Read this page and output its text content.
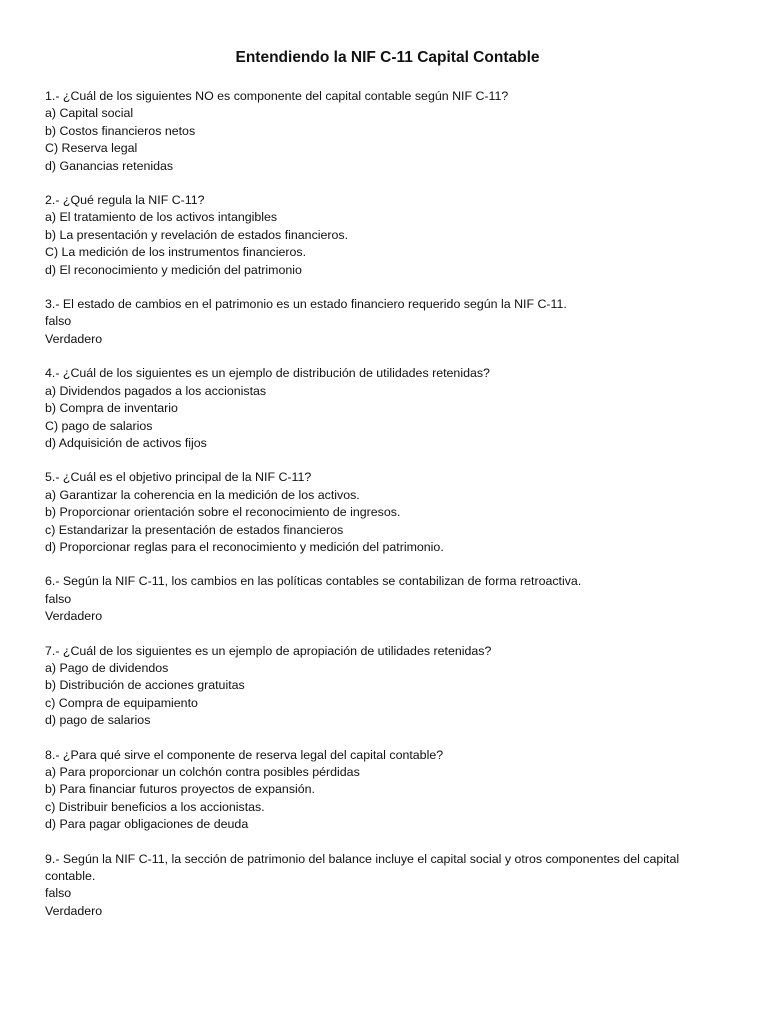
Entendiendo la NIF C-11 Capital Contable
1.- ¿Cuál de los siguientes NO es componente del capital contable según NIF C-11?
a) Capital social
b) Costos financieros netos
C) Reserva legal
d) Ganancias retenidas
2.- ¿Qué regula la NIF C-11?
a) El tratamiento de los activos intangibles
b) La presentación y revelación de estados financieros.
C) La medición de los instrumentos financieros.
d) El reconocimiento y medición del patrimonio
3.- El estado de cambios en el patrimonio es un estado financiero requerido según la NIF C-11.
falso
Verdadero
4.- ¿Cuál de los siguientes es un ejemplo de distribución de utilidades retenidas?
a) Dividendos pagados a los accionistas
b) Compra de inventario
C) pago de salarios
d) Adquisición de activos fijos
5.- ¿Cuál es el objetivo principal de la NIF C-11?
a) Garantizar la coherencia en la medición de los activos.
b) Proporcionar orientación sobre el reconocimiento de ingresos.
c) Estandarizar la presentación de estados financieros
d) Proporcionar reglas para el reconocimiento y medición del patrimonio.
6.- Según la NIF C-11, los cambios en las políticas contables se contabilizan de forma retroactiva.
falso
Verdadero
7.- ¿Cuál de los siguientes es un ejemplo de apropiación de utilidades retenidas?
a) Pago de dividendos
b) Distribución de acciones gratuitas
c) Compra de equipamiento
d) pago de salarios
8.- ¿Para qué sirve el componente de reserva legal del capital contable?
a) Para proporcionar un colchón contra posibles pérdidas
b) Para financiar futuros proyectos de expansión.
c) Distribuir beneficios a los accionistas.
d) Para pagar obligaciones de deuda
9.- Según la NIF C-11, la sección de patrimonio del balance incluye el capital social y otros componentes del capital contable.
falso
Verdadero
